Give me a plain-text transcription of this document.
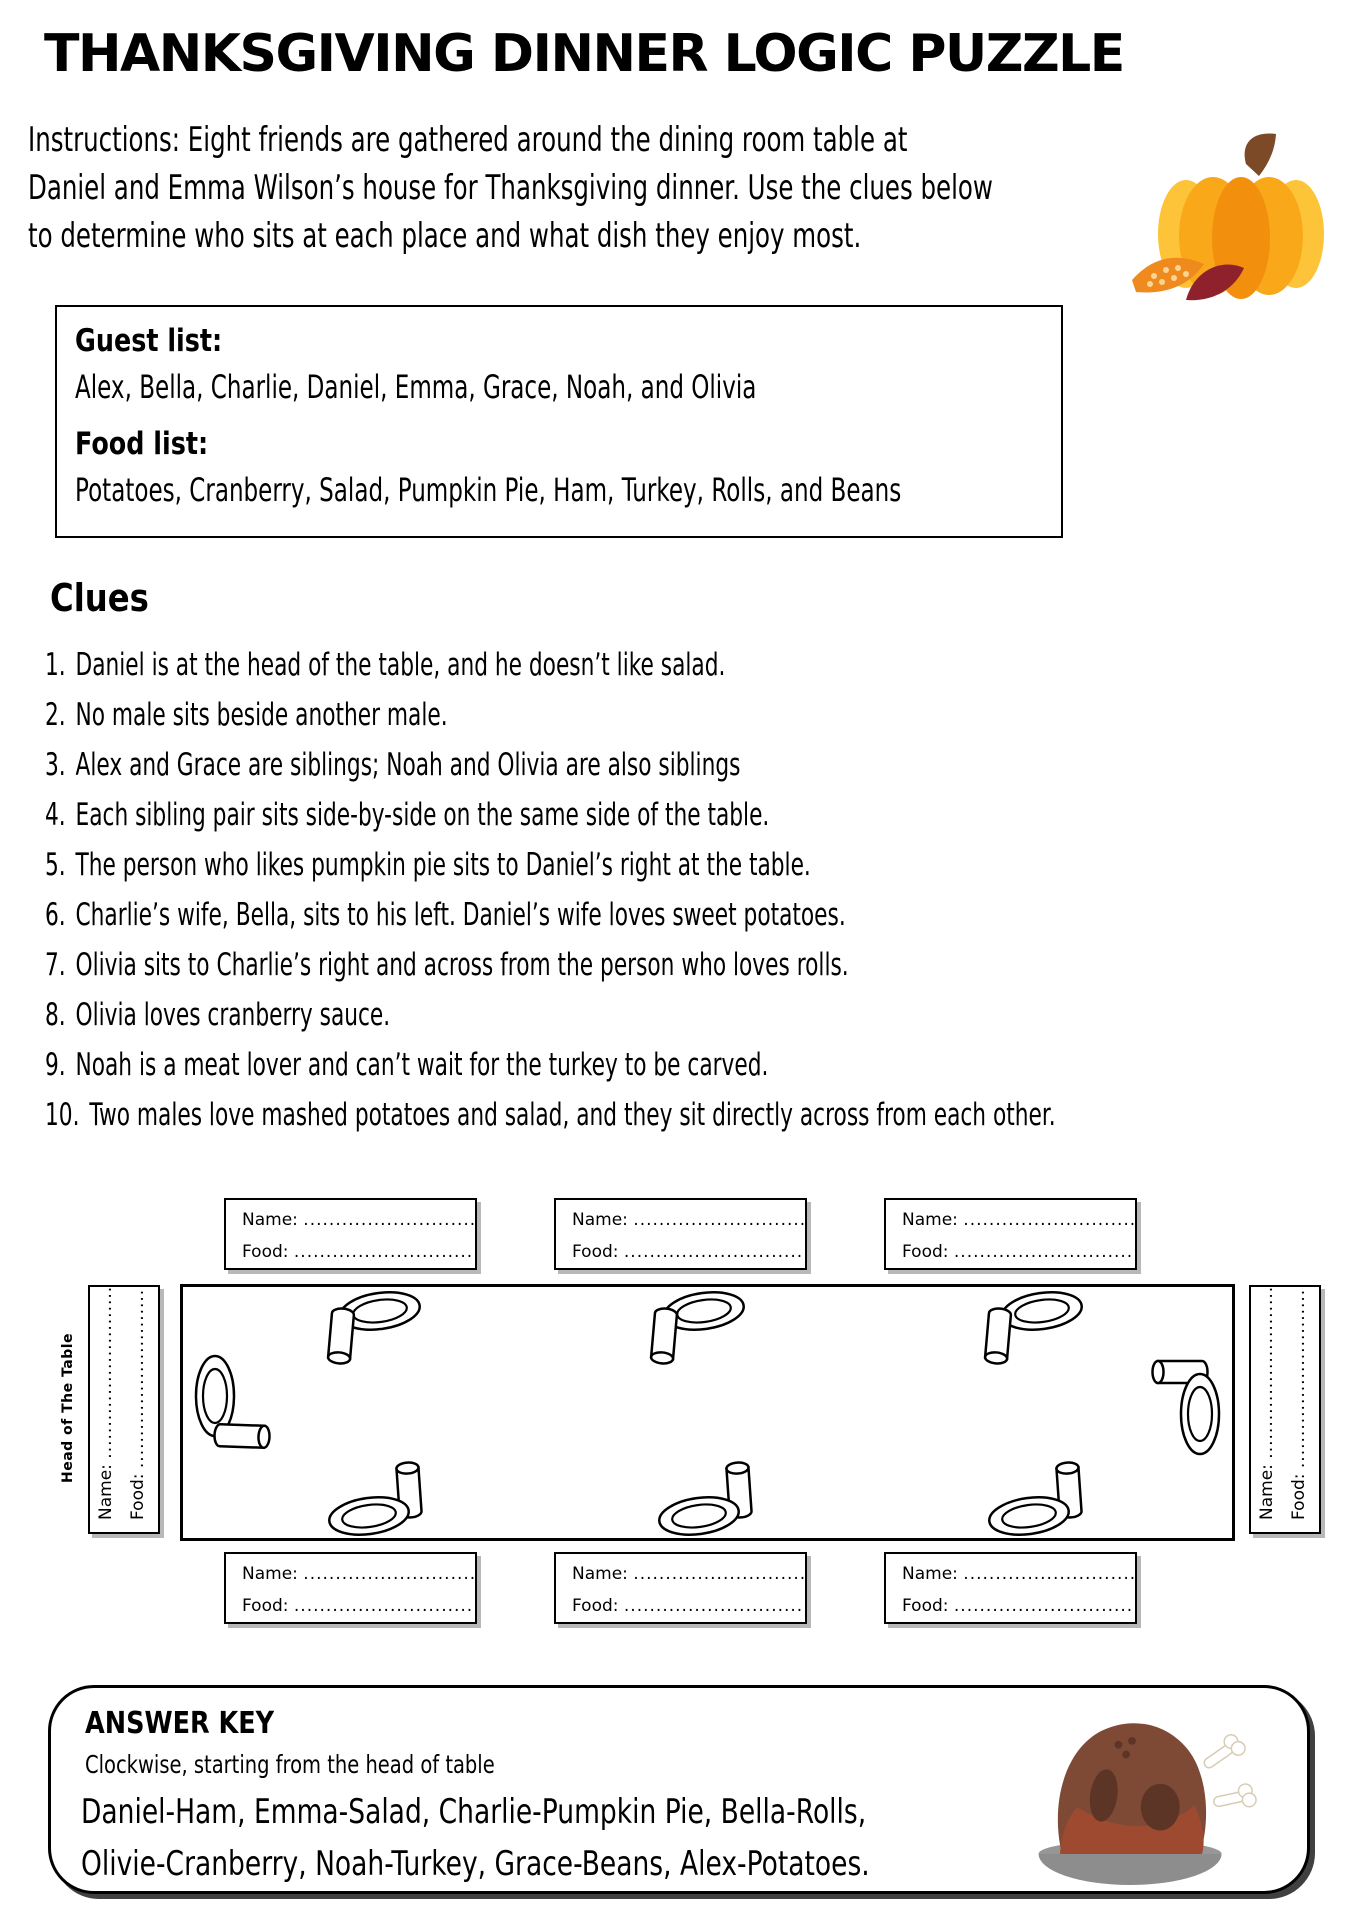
THANKSGIVING DINNER LOGIC PUZZLE

Instructions: Eight friends are gathered around the dining room table at

Daniel and Emma Wilson’s house for Thanksgiving dinner. Use the clues below

to determine who sits at each place and what dish they enjoy most.

Guest list:

Alex, Bella, Charlie, Daniel, Emma, Grace, Noah, and Olivia

Food list:

Potatoes, Cranberry, Salad, Pumpkin Pie, Ham, Turkey, Rolls, and Beans

Clues
1. Daniel is at the head of the table, and he doesn’t like salad.
2. No male sits beside another male.
3. Alex and Grace are siblings; Noah and Olivia are also siblings
4. Each sibling pair sits side-by-side on the same side of the table.
5. The person who likes pumpkin pie sits to Daniel’s right at the table.
6. Charlie’s wife, Bella, sits to his left. Daniel’s wife loves sweet potatoes.
7. Olivia sits to Charlie’s right and across from the person who loves rolls.
8. Olivia loves cranberry sauce.
9. Noah is a meat lover and can’t wait for the turkey to be carved.
10. Two males love mashed potatoes and salad, and they sit directly across from each other.
Name: ...........................
Food: ............................
Name: ...........................
Food: ............................
Name: ...........................
Food: ............................
Head of The Table
Name: ...........................
Food: ............................
Name: ...........................
Food: ............................
Name: ...........................
Food: ............................
Name: ...........................
Food: ............................
Name: ...........................
Food: ............................
ANSWER KEY
Clockwise, starting from the head of table
Daniel-Ham, Emma-Salad, Charlie-Pumpkin Pie, Bella-Rolls,
Olivie-Cranberry, Noah-Turkey, Grace-Beans, Alex-Potatoes.
